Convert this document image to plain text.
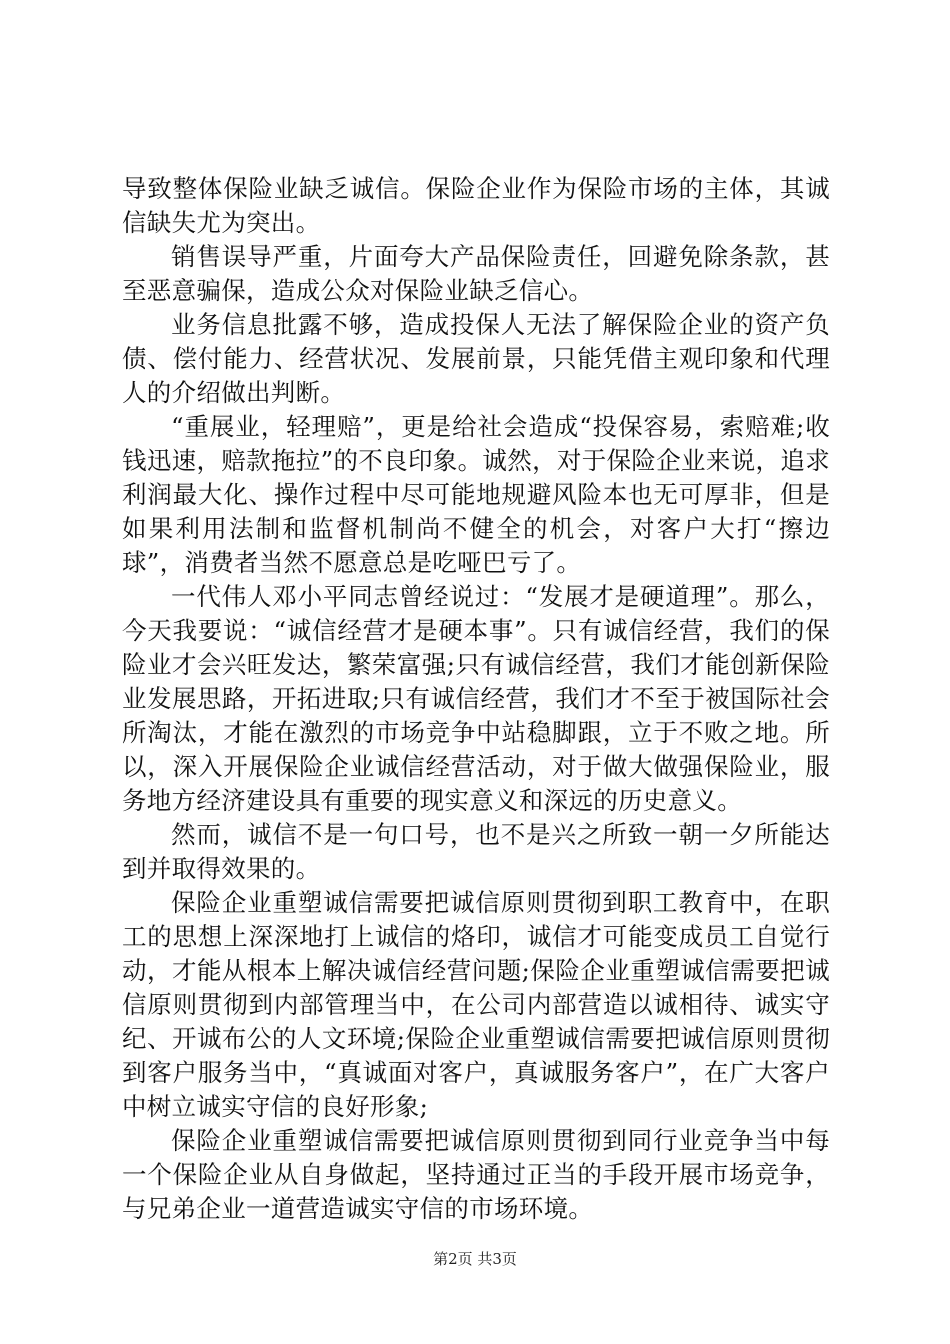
导致整体保险业缺乏诚信。保险企业作为保险市场的主体，其诚信缺失尤为突出。

销售误导严重，片面夸大产品保险责任，回避免除条款，甚至恶意骗保，造成公众对保险业缺乏信心。

业务信息批露不够，造成投保人无法了解保险企业的资产负债、偿付能力、经营状况、发展前景，只能凭借主观印象和代理人的介绍做出判断。

“重展业，轻理赔”，更是给社会造成“投保容易，索赔难;收钱迅速，赔款拖拉”的不良印象。诚然，对于保险企业来说，追求利润最大化、操作过程中尽可能地规避风险本也无可厚非，但是如果利用法制和监督机制尚不健全的机会，对客户大打“擦边球”，消费者当然不愿意总是吃哑巴亏了。

一代伟人邓小平同志曾经说过：“发展才是硬道理”。那么，今天我要说：“诚信经营才是硬本事”。只有诚信经营，我们的保险业才会兴旺发达，繁荣富强;只有诚信经营，我们才能创新保险业发展思路，开拓进取;只有诚信经营，我们才不至于被国际社会所淘汰，才能在激烈的市场竞争中站稳脚跟，立于不败之地。所以，深入开展保险企业诚信经营活动，对于做大做强保险业，服务地方经济建设具有重要的现实意义和深远的历史意义。

然而，诚信不是一句口号，也不是兴之所致一朝一夕所能达到并取得效果的。

保险企业重塑诚信需要把诚信原则贯彻到职工教育中，在职工的思想上深深地打上诚信的烙印，诚信才可能变成员工自觉行动，才能从根本上解决诚信经营问题;保险企业重塑诚信需要把诚信原则贯彻到内部管理当中，在公司内部营造以诚相待、诚实守纪、开诚布公的人文环境;保险企业重塑诚信需要把诚信原则贯彻到客户服务当中，“真诚面对客户，真诚服务客户”，在广大客户中树立诚实守信的良好形象;

保险企业重塑诚信需要把诚信原则贯彻到同行业竞争当中每一个保险企业从自身做起，坚持通过正当的手段开展市场竞争，与兄弟企业一道营造诚实守信的市场环境。

第2页 共3页
